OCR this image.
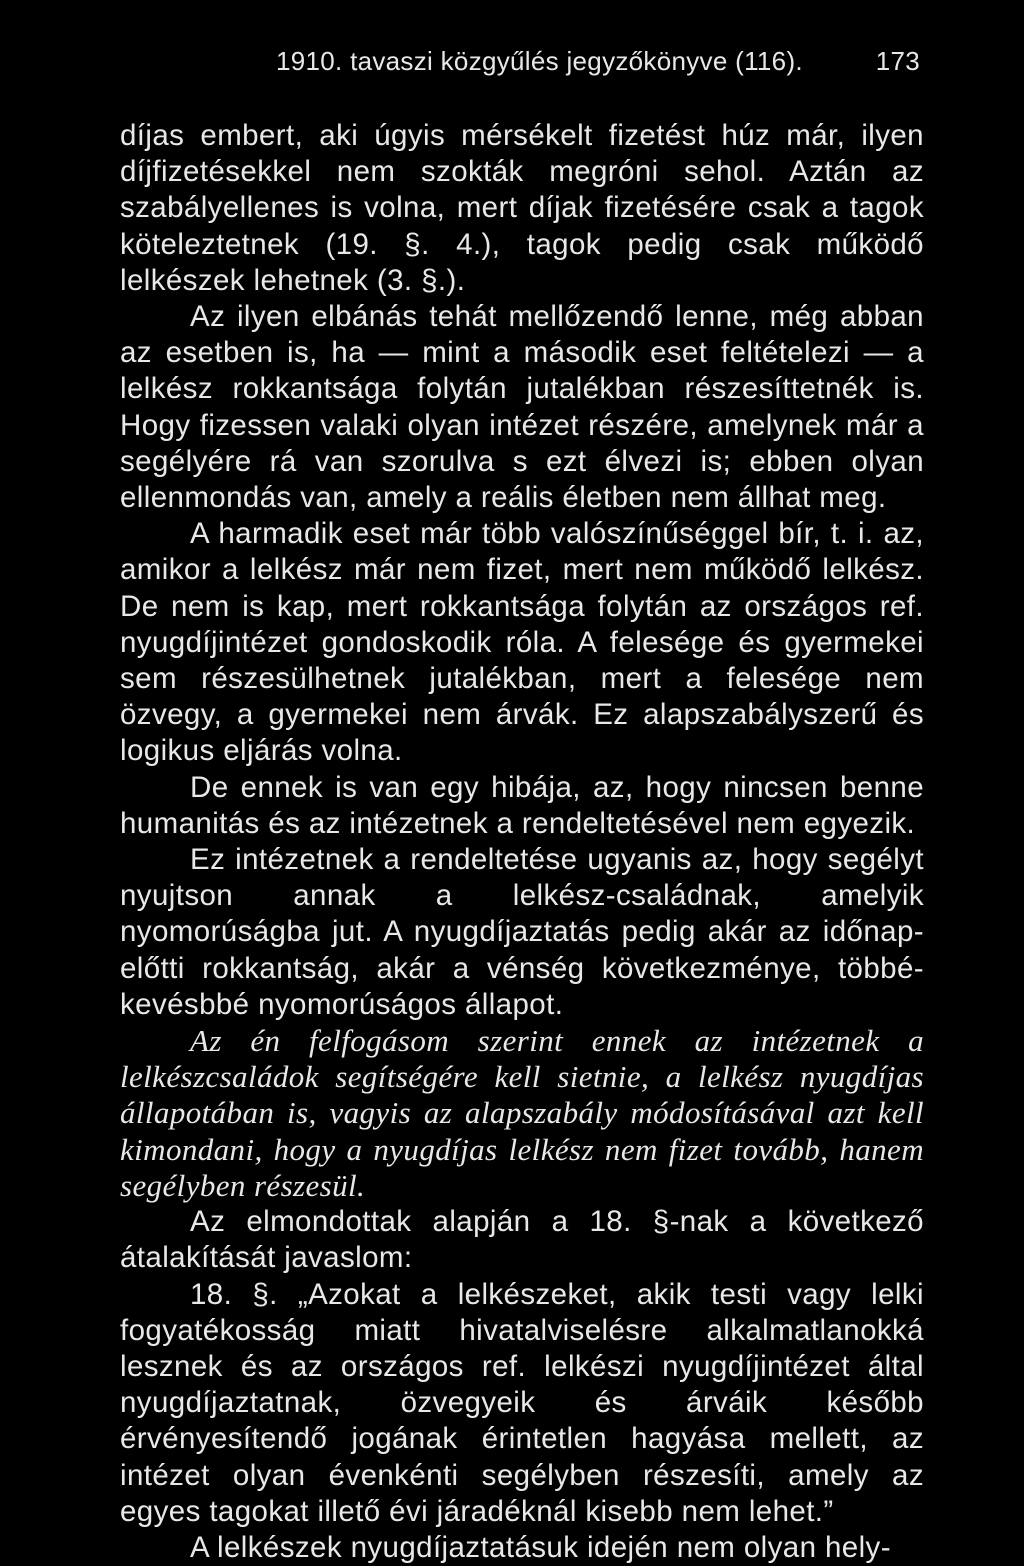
1910. tavaszi közgyűlés jegyzőkönyve (116).	173

díjas embert, aki úgyis mérsékelt fizetést húz már, ilyen díjfizetésekkel nem szokták megróni sehol. Aztán az szabályellenes is volna, mert díjak fizetésére csak a tagok köteleztetnek (19. §. 4.), tagok pedig csak működő lelkészek lehetnek (3. §.).

Az ilyen elbánás tehát mellőzendő lenne, még abban az esetben is, ha — mint a második eset feltételezi — a lelkész rokkantsága folytán jutalékban részesíttetnék is. Hogy fizessen valaki olyan intézet részére, amelynek már a segélyére rá van szorulva s ezt élvezi is; ebben olyan ellenmondás van, amely a reális életben nem állhat meg.

A harmadik eset már több valószínűséggel bír, t. i. az, amikor a lelkész már nem fizet, mert nem működő lelkész. De nem is kap, mert rokkantsága folytán az országos ref. nyugdíjintézet gondoskodik róla. A felesége és gyermekei sem részesülhetnek jutalékban, mert a felesége nem özvegy, a gyermekei nem árvák. Ez alapszabályszerű és logikus eljárás volna.

De ennek is van egy hibája, az, hogy nincsen benne humanitás és az intézetnek a rendeltetésével nem egyezik.

Ez intézetnek a rendeltetése ugyanis az, hogy segélyt nyujtson annak a lelkész-családnak, amelyik nyomorúságba jut. A nyugdíjaztatás pedig akár az időnap-előtti rokkantság, akár a vénség következménye, többé-kevésbbé nyomorúságos állapot.

Az én felfogásom szerint ennek az intézetnek a lelkészcsaládok segítségére kell sietnie, a lelkész nyugdíjas állapotában is, vagyis az alapszabály módosításával azt kell kimondani, hogy a nyugdíjas lelkész nem fizet tovább, hanem segélyben részesül.

Az elmondottak alapján a 18. §-nak a következő átalakítását javaslom:

18. §. „Azokat a lelkészeket, akik testi vagy lelki fogyatékosság miatt hivatalviselésre alkalmatlanokká lesznek és az országos ref. lelkészi nyugdíjintézet által nyugdíjaztatnak, özvegyeik és árváik később érvényesítendő jogának érintetlen hagyása mellett, az intézet olyan évenkénti segélyben részesíti, amely az egyes tagokat illető évi járadéknál kisebb nem lehet.”

A lelkészek nyugdíjaztatásuk idején nem olyan hely-
